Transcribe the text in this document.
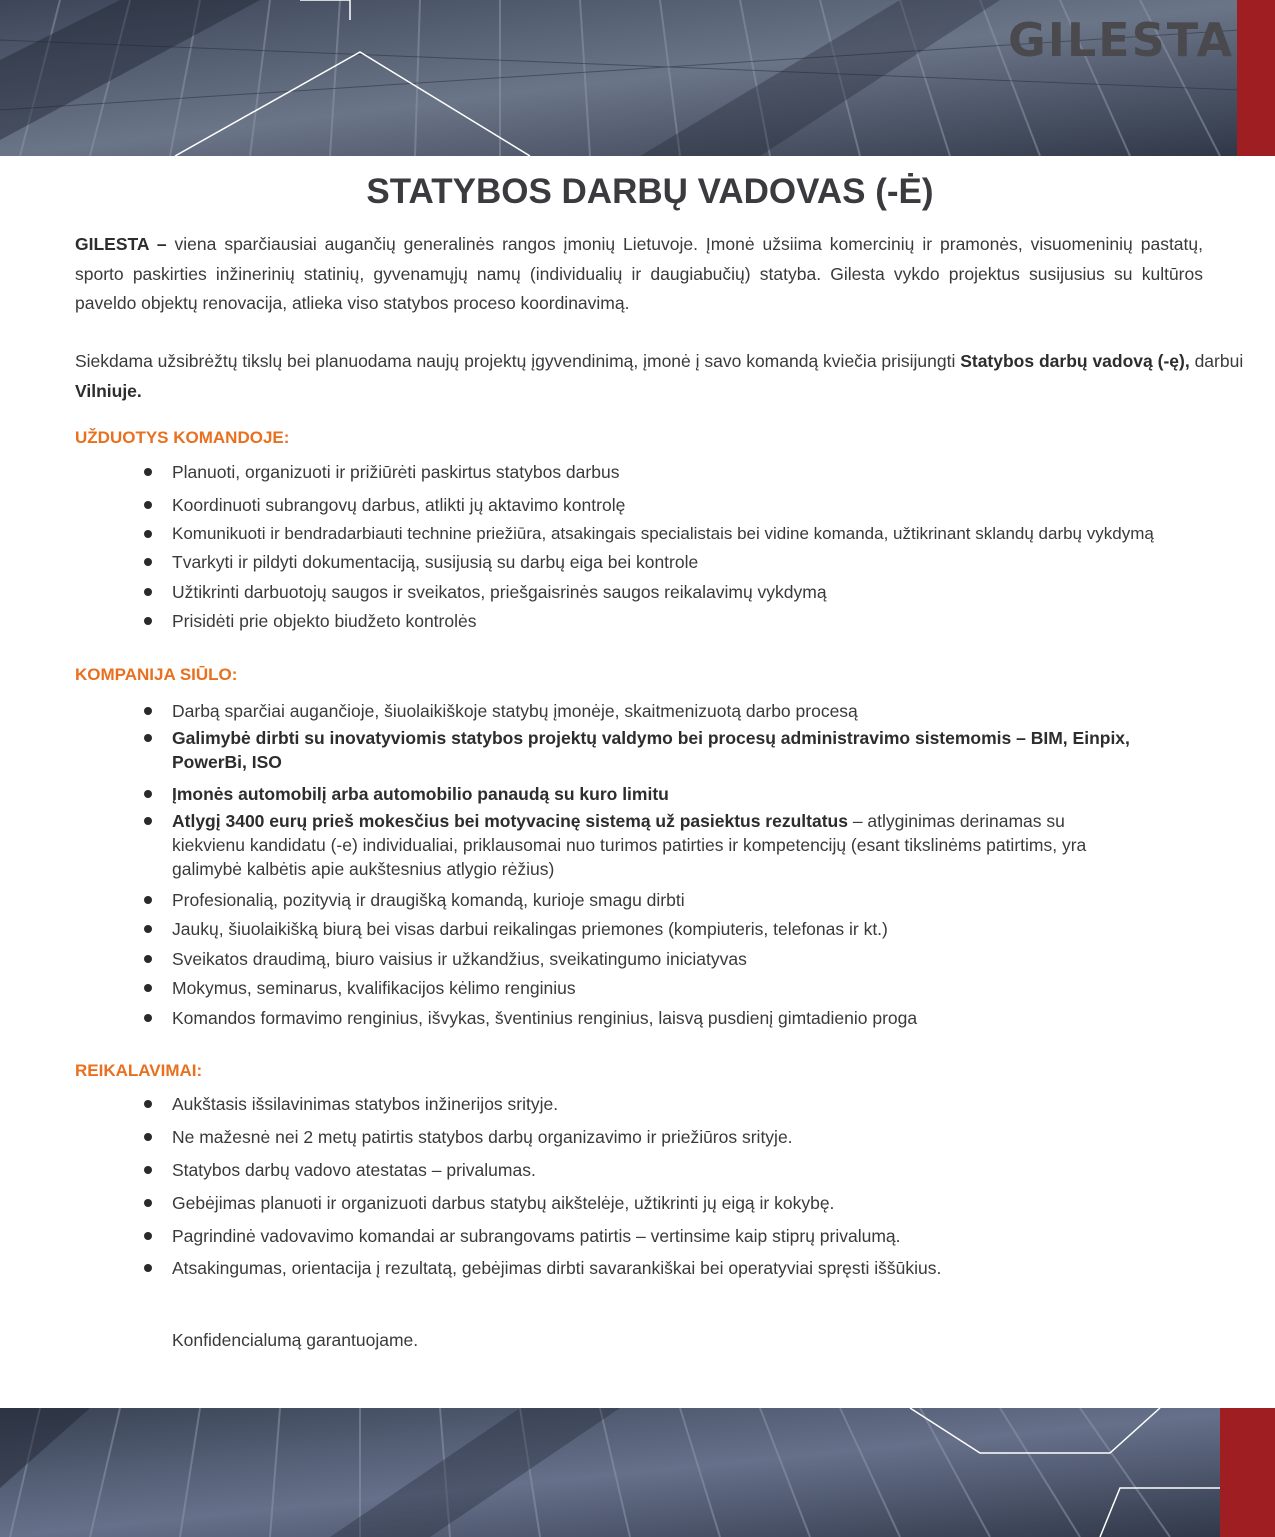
GILESTA
STATYBOS DARBŲ VADOVAS (-Ė)
GILESTA – viena sparčiausiai augančių generalinės rangos įmonių Lietuvoje. Įmonė užsiima komercinių ir pramonės, visuomeninių pastatų, sporto paskirties inžinerinių statinių, gyvenamųjų namų (individualių ir daugiabučių) statyba. Gilesta vykdo projektus susijusius su kultūros paveldo objektų renovacija, atlieka viso statybos proceso koordinavimą.
Siekdama užsibrėžtų tikslų bei planuodama naujų projektų įgyvendinimą, įmonė į savo komandą kviečia prisijungti Statybos darbų vadovą (-ę), darbui Vilniuje.
UŽDUOTYS KOMANDOJE:
Planuoti, organizuoti ir prižiūrėti paskirtus statybos darbus
Koordinuoti subrangovų darbus, atlikti jų aktavimo kontrolę
Komunikuoti ir bendradarbiauti technine priežiūra, atsakingais specialistais bei vidine komanda, užtikrinant sklandų darbų vykdymą
Tvarkyti ir pildyti dokumentaciją, susijusią su darbų eiga bei kontrole
Užtikrinti darbuotojų saugos ir sveikatos, priešgaisrinės saugos reikalavimų vykdymą
Prisidėti prie objekto biudžeto kontrolės
KOMPANIJA SIŪLO:
Darbą sparčiai augančioje, šiuolaikiškoje statybų įmonėje, skaitmenizuotą darbo procesą
Galimybė dirbti su inovatyviomis statybos projektų valdymo bei procesų administravimo sistemomis – BIM, Einpix, PowerBi, ISO
Įmonės automobilį arba automobilio panaudą su kuro limitu
Atlygį 3400 eurų prieš mokesčius bei motyvacinę sistemą už pasiektus rezultatus – atlyginimas derinamas su kiekvienu kandidatu (-e) individualiai, priklausomai nuo turimos patirties ir kompetencijų (esant tikslinėms patirtims, yra galimybė kalbėtis apie aukštesnius atlygio rėžius)
Profesionalią, pozityvią ir draugišką komandą, kurioje smagu dirbti
Jaukų, šiuolaikišką biurą bei visas darbui reikalingas priemones (kompiuteris, telefonas ir kt.)
Sveikatos draudimą, biuro vaisius ir užkandžius, sveikatingumo iniciatyvas
Mokymus, seminarus, kvalifikacijos kėlimo renginius
Komandos formavimo renginius, išvykas, šventinius renginius, laisvą pusdienį gimtadienio proga
REIKALAVIMAI:
Aukštasis išsilavinimas statybos inžinerijos srityje.
Ne mažesnė nei 2 metų patirtis statybos darbų organizavimo ir priežiūros srityje.
Statybos darbų vadovo atestatas – privalumas.
Gebėjimas planuoti ir organizuoti darbus statybų aikštelėje, užtikrinti jų eigą ir kokybę.
Pagrindinė vadovavimo komandai ar subrangovams patirtis – vertinsime kaip stiprų privalumą.
Atsakingumas, orientacija į rezultatą, gebėjimas dirbti savarankiškai bei operatyviai spręsti iššūkius.
Konfidencialumą garantuojame.
